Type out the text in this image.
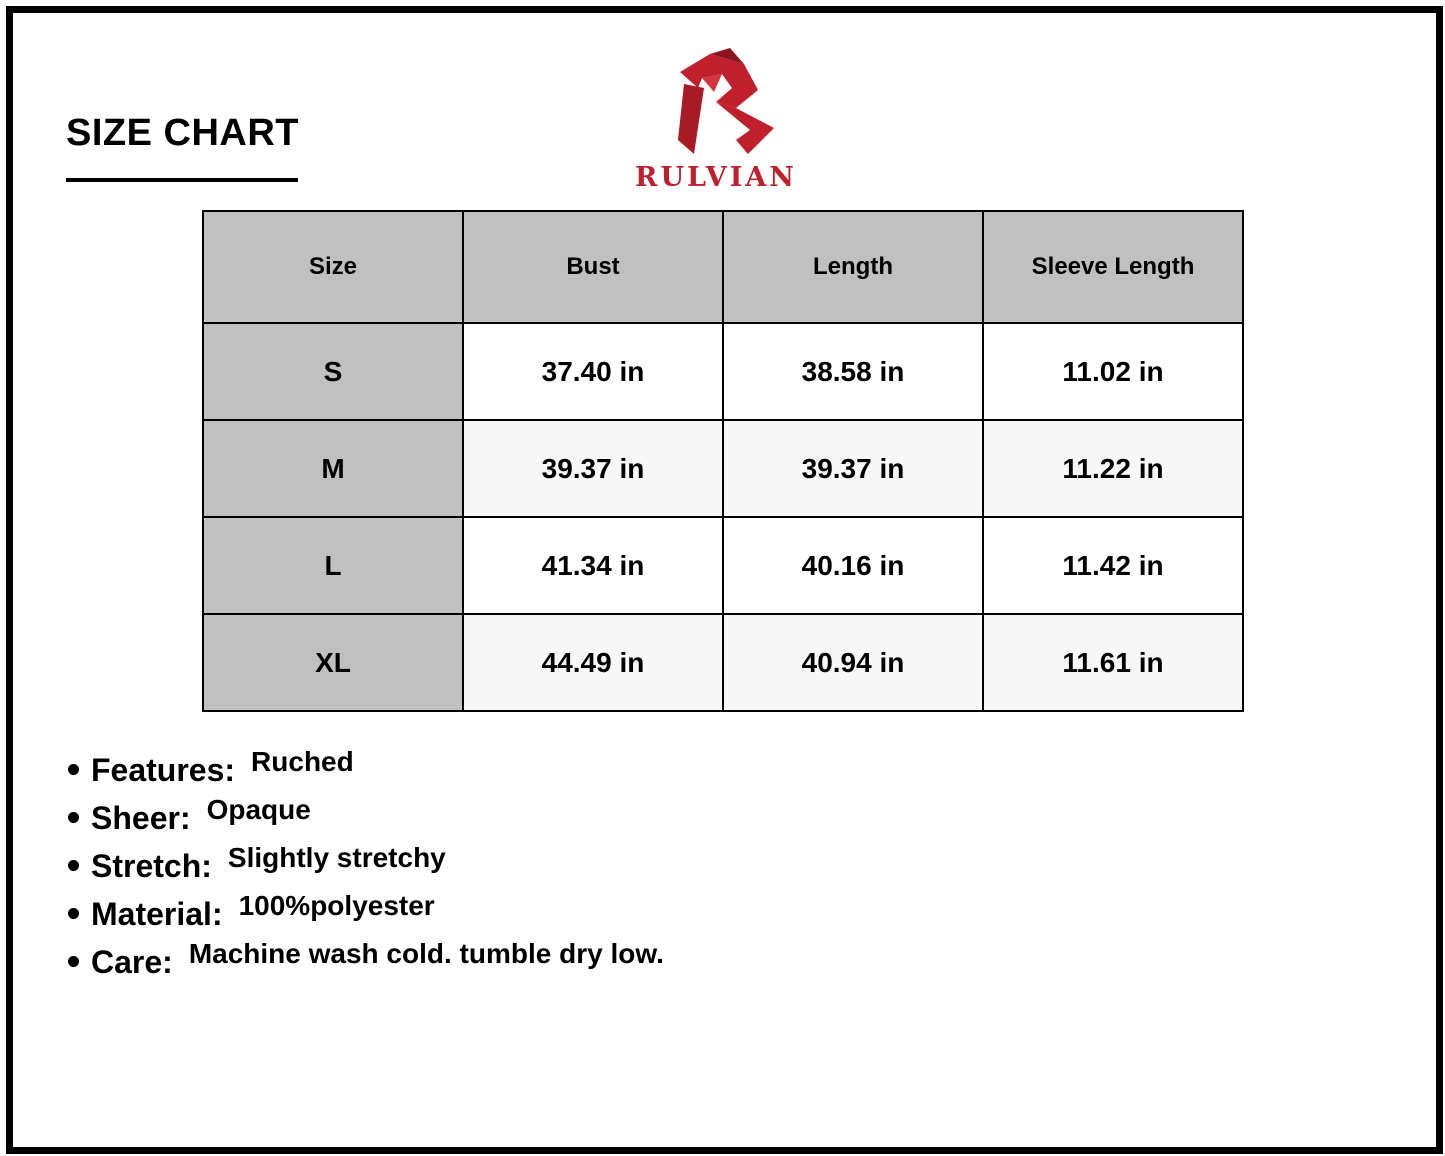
SIZE CHART
RULVIAN
Size	Bust	Length	Sleeve Length
S	37.40 in	38.58 in	11.02 in
M	39.37 in	39.37 in	11.22 in
L	41.34 in	40.16 in	11.42 in
XL	44.49 in	40.94 in	11.61 in
Features: Ruched
Sheer: Opaque
Stretch: Slightly stretchy
Material: 100%polyester
Care: Machine wash cold. tumble dry low.
